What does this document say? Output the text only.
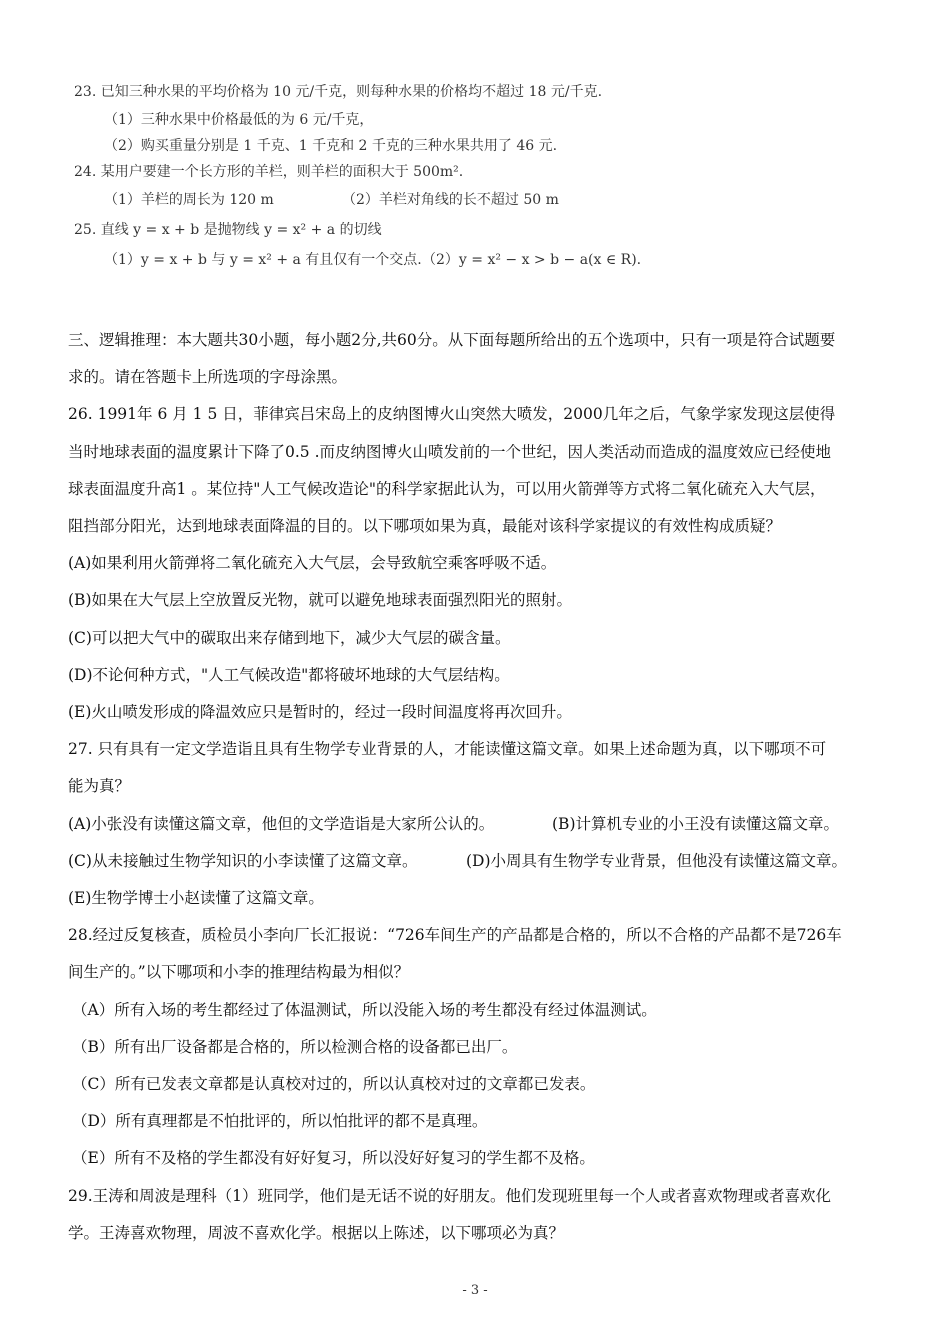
23. 已知三种水果的平均价格为 10 元/千克，则每种水果的价格均不超过 18 元/千克.
（1）三种水果中价格最低的为 6 元/千克，
（2）购买重量分别是 1 千克、1 千克和 2 千克的三种水果共用了 46 元.
24. 某用户要建一个长方形的羊栏，则羊栏的面积大于 500m².
（1）羊栏的周长为 120 m	（2）羊栏对角线的长不超过 50 m
25. 直线 y = x + b 是抛物线 y = x² + a 的切线
（1）y = x + b 与 y = x² + a 有且仅有一个交点. （2）y = x² − x > b − a(x ∈ R).

三、逻辑推理：本大题共30小题，每小题2分,共60分。从下面每题所给出的五个选项中，只有一项是符合试题要

求的。请在答题卡上所选项的字母涂黑。

26. 1991年 6 月 1 5 日，菲律宾吕宋岛上的皮纳图博火山突然大喷发，2000几年之后，气象学家发现这层使得

当时地球表面的温度累计下降了0.5 .而皮纳图博火山喷发前的一个世纪，因人类活动而造成的温度效应已经使地

球表面温度升高1 。某位持"人工气候改造论"的科学家据此认为，可以用火箭弹等方式将二氧化硫充入大气层，

阻挡部分阳光，达到地球表面降温的目的。以下哪项如果为真，最能对该科学家提议的有效性构成质疑？

(A)如果利用火箭弹将二氧化硫充入大气层，会导致航空乘客呼吸不适。

(B)如果在大气层上空放置反光物，就可以避免地球表面强烈阳光的照射。

(C)可以把大气中的碳取出来存储到地下，减少大气层的碳含量。

(D)不论何种方式，"人工气候改造"都将破坏地球的大气层结构。

(E)火山喷发形成的降温效应只是暂时的，经过一段时间温度将再次回升。

27. 只有具有一定文学造诣且具有生物学专业背景的人，才能读懂这篇文章。如果上述命题为真，以下哪项不可

能为真？

(A)小张没有读懂这篇文章，他但的文学造诣是大家所公认的。	(B)计算机专业的小王没有读懂这篇文章。
(C)从未接触过生物学知识的小李读懂了这篇文章。	(D)小周具有生物学专业背景，但他没有读懂这篇文章。

(E)生物学博士小赵读懂了这篇文章。

28.经过反复核查，质检员小李向厂长汇报说：“726车间生产的产品都是合格的，所以不合格的产品都不是726车

间生产的。”以下哪项和小李的推理结构最为相似？

（A）所有入场的考生都经过了体温测试，所以没能入场的考生都没有经过体温测试。

（B）所有出厂设备都是合格的，所以检测合格的设备都已出厂。

（C）所有已发表文章都是认真校对过的，所以认真校对过的文章都已发表。

（D）所有真理都是不怕批评的，所以怕批评的都不是真理。

（E）所有不及格的学生都没有好好复习，所以没好好复习的学生都不及格。

29.王涛和周波是理科（1）班同学，他们是无话不说的好朋友。他们发现班里每一个人或者喜欢物理或者喜欢化

学。王涛喜欢物理，周波不喜欢化学。根据以上陈述，以下哪项必为真？

- 3 -
